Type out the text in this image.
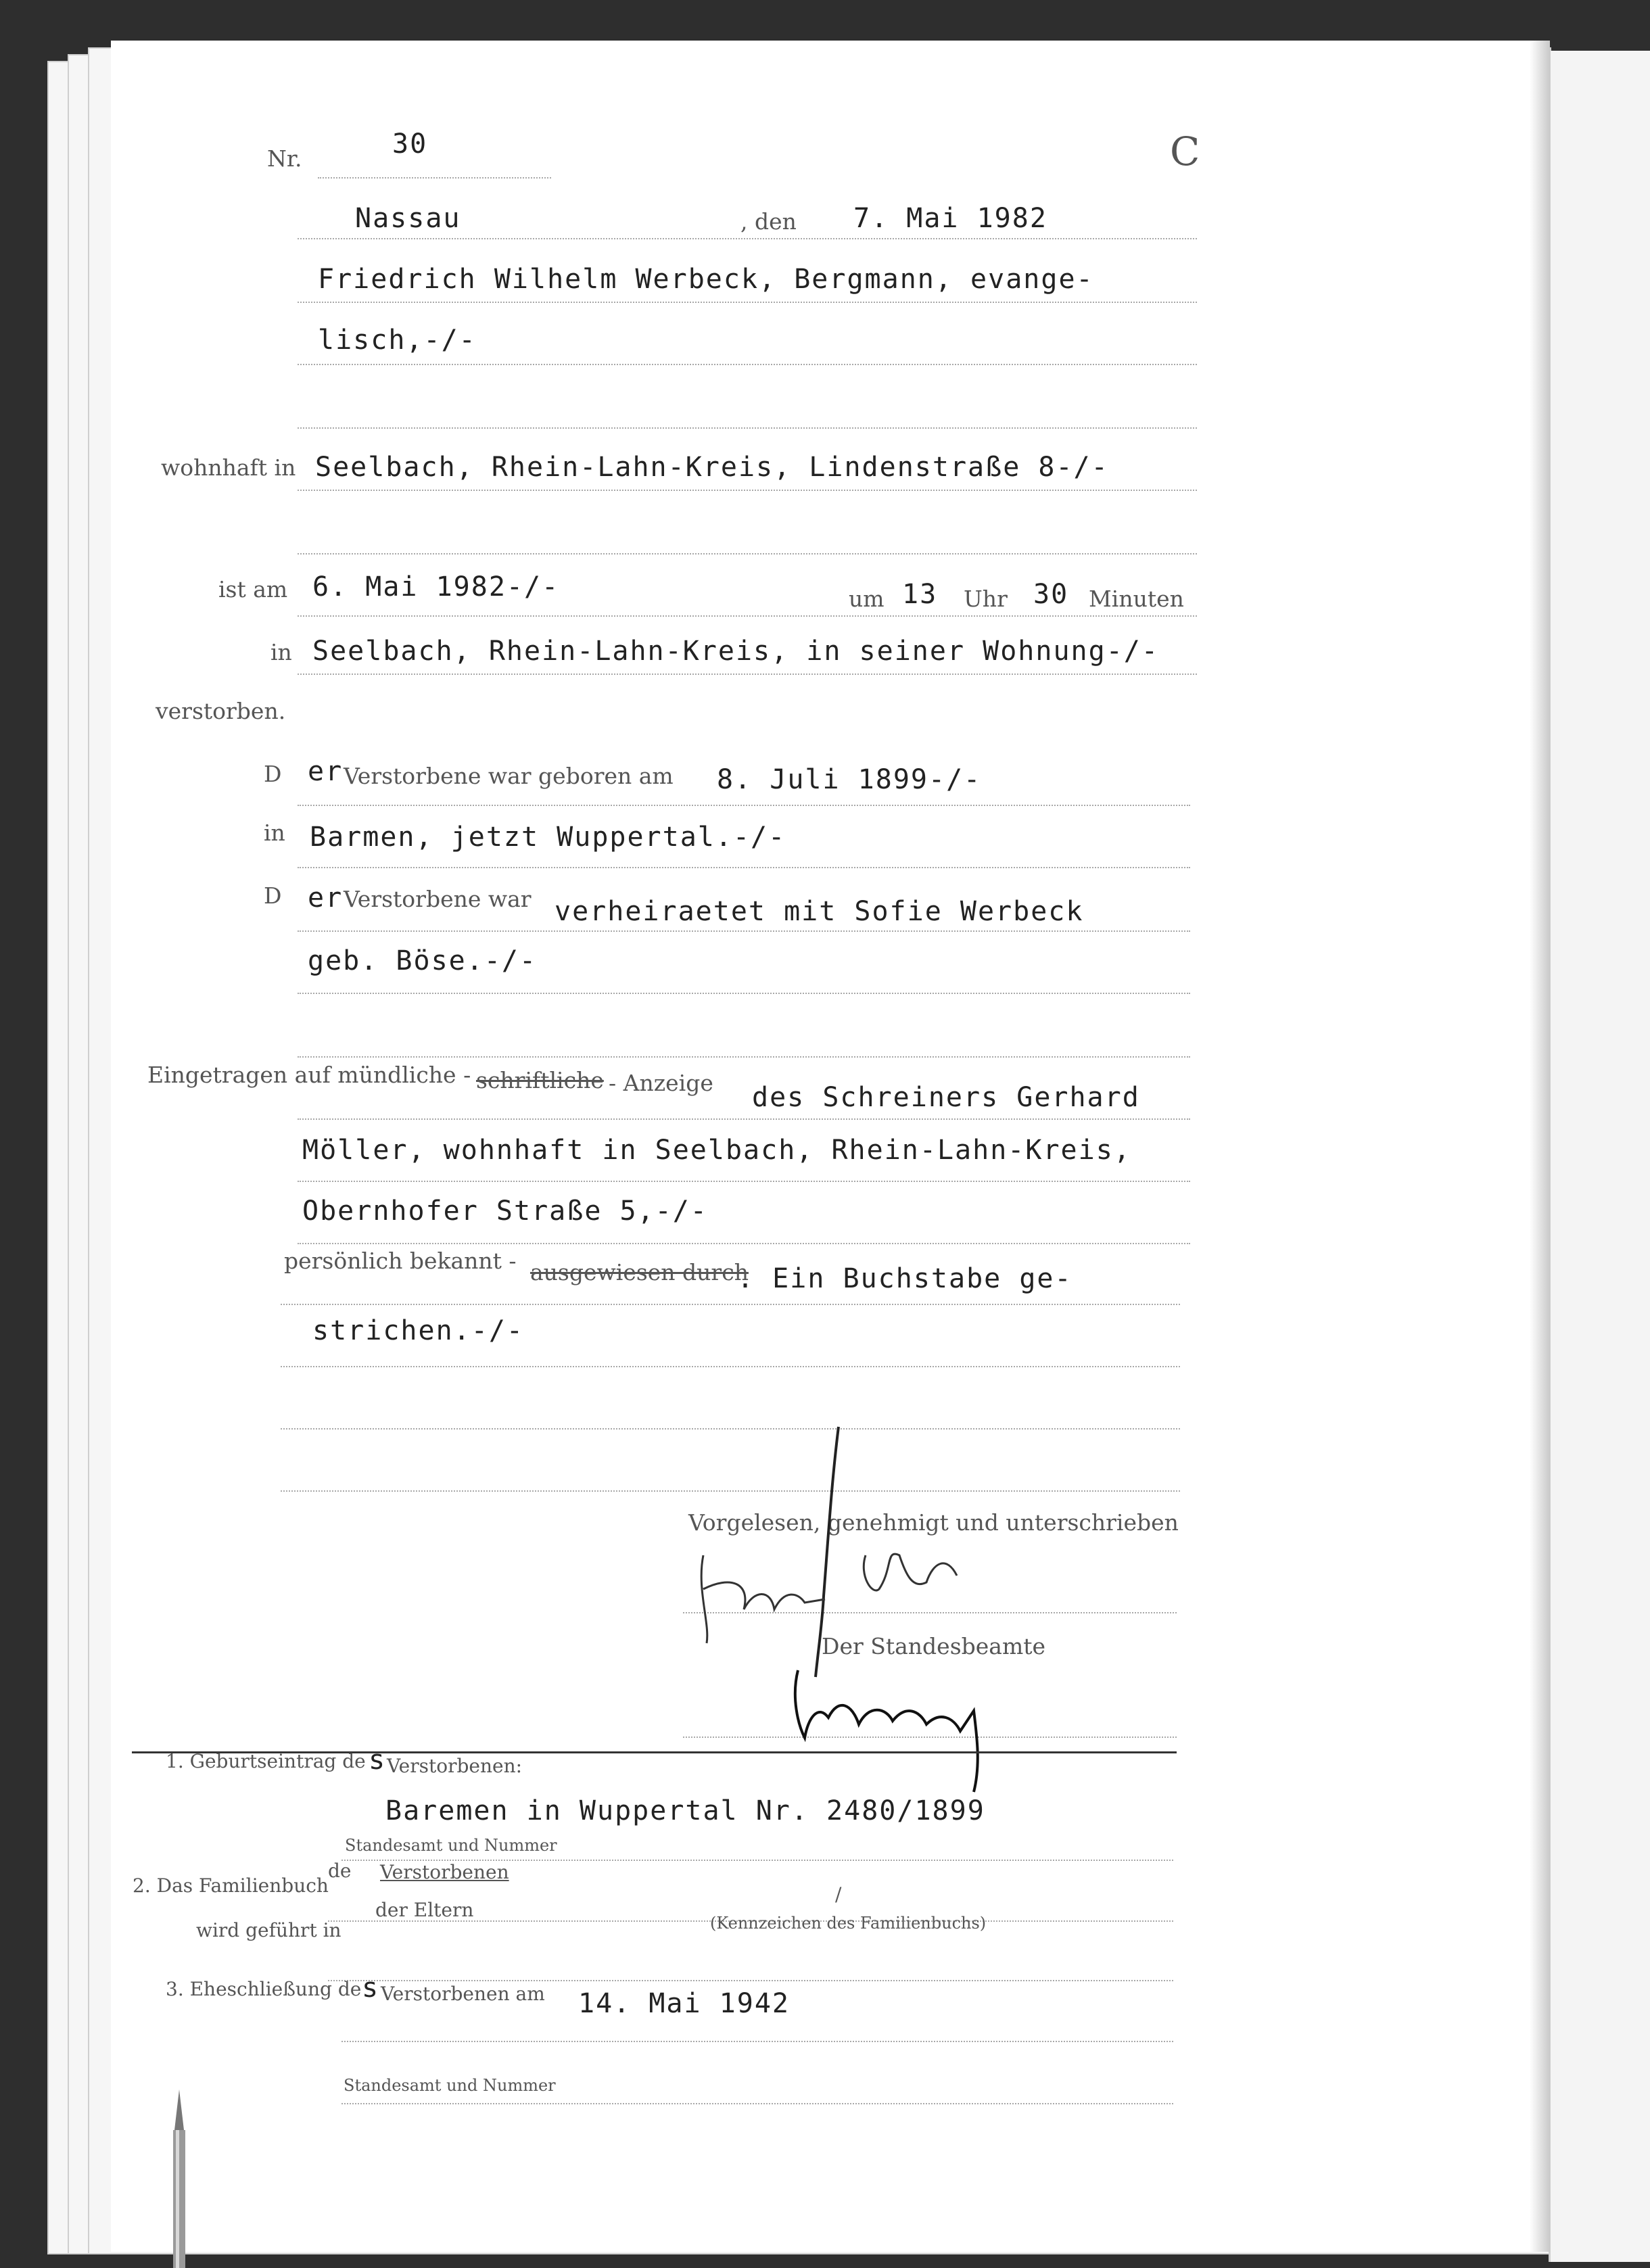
Nr.	30	C
Nassau	, den 7. Mai 1982
Friedrich Wilhelm Werbeck, Bergmann, evange-
lisch,-/-
wohnhaft in Seelbach, Rhein-Lahn-Kreis, Lindenstraße 8-/-
ist am 6. Mai 1982-/-	um 13 Uhr 30 Minuten
in Seelbach, Rhein-Lahn-Kreis, in seiner Wohnung-/-
verstorben.
D er Verstorbene war geboren am 8. Juli 1899-/-
in Barmen, jetzt Wuppertal.-/-
D er Verstorbene war verheiraetet mit Sofie Werbeck
geb. Böse.-/-
Eingetragen auf mündliche - schriftliche - Anzeige des Schreiners Gerhard
Möller, wohnhaft in Seelbach, Rhein-Lahn-Kreis,
Obernhofer Straße 5,-/-
persönlich bekannt - ausgewiesen durch
. Ein Buchstabe ge-
strichen.-/-
Vorgelesen, genehmigt und unterschrieben
Der Standesbeamte
1. Geburtseintrag de s Verstorbenen:
Baremen in Wuppertal Nr. 2480/1899
Standesamt und Nummer
2. Das Familienbuch
de Verstorbenen
der Eltern
/
(Kennzeichen des Familienbuchs)
wird geführt in
3. Eheschließung de s Verstorbenen am 14. Mai 1942
Standesamt und Nummer
